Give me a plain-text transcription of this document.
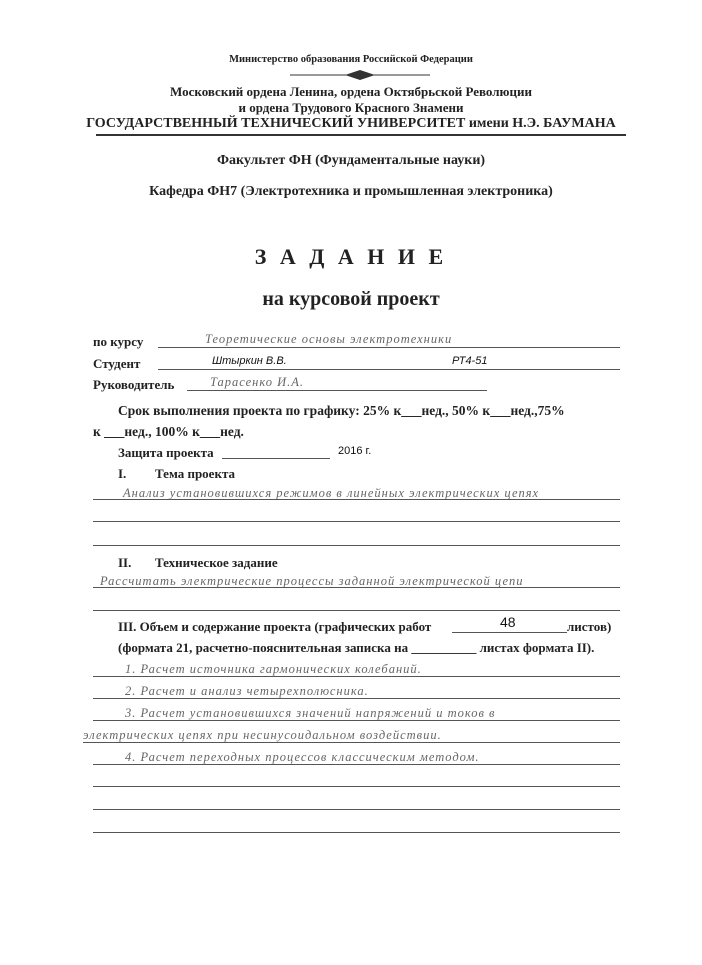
Министерство образования Российской Федерации
Московский ордена Ленина, ордена Октябрьской Революции
и ордена Трудового Красного Знамени
ГОСУДАРСТВЕННЫЙ ТЕХНИЧЕСКИЙ УНИВЕРСИТЕТ имени Н.Э. БАУМАНА
Факультет ФН (Фундаментальные науки)
Кафедра ФН7 (Электротехника и промышленная электроника)
З А Д А Н И Е
на курсовой проект
по курсу	Теоретические основы электротехники
Студент	Штыркин В.В.	РТ4-51
Руководитель	Тарасенко И.А.
Срок выполнения проекта по графику: 25% к___нед., 50% к___нед.,75%
к ___нед., 100% к___нед.
Защита проекта	2016 г.
I. Тема проекта
Анализ установившихся режимов в линейных электрических цепях
II. Техническое задание
Рассчитать электрические процессы заданной электрической цепи
III. Объем и содержание проекта (графических работ	48	листов)
(формата 21, расчетно-пояснительная записка на __________ листах формата II).
1. Расчет источника гармонических колебаний.
2. Расчет и анализ четырехполюсника.
3. Расчет установившихся значений напряжений и токов в
электрических цепях при несинусоидальном воздействии.
4. Расчет переходных процессов классическим методом.
